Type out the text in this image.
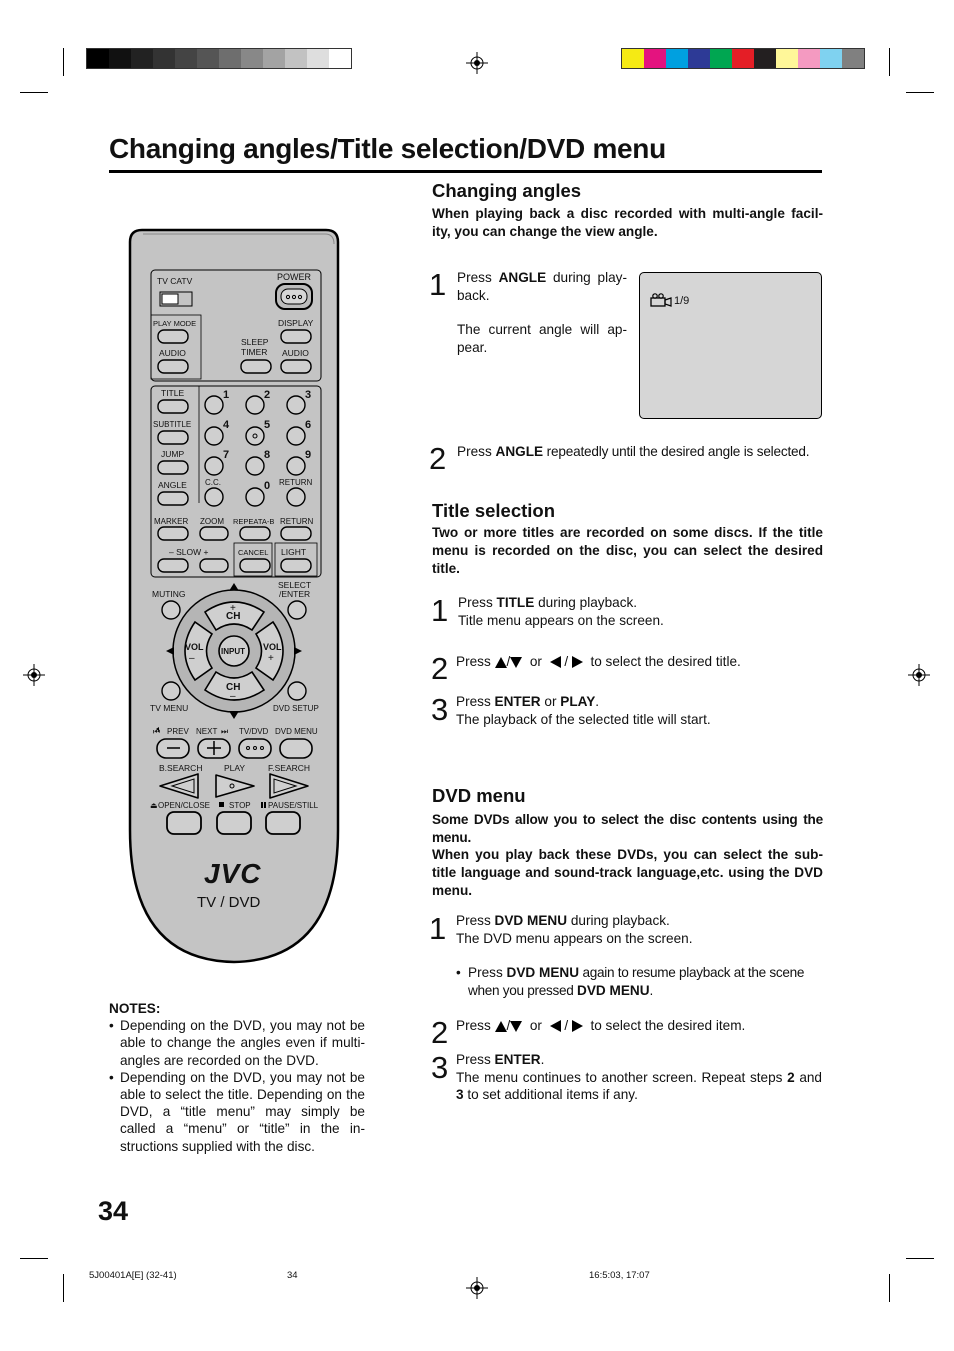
Changing angles/Title selection/DVD menu
TV CATV	POWER
PLAY MODE	DISPLAY
AUDIO
SLEEP
TIMER AUDIO
TITLE
SUBTITLE
JUMP
ANGLE C.C.	RETURN
1	2	3
4	5	6
7	8	9
0
MARKER ZOOM REPEATA-B RETURN
– SLOW +	CANCEL LIGHT
SELECT
/ENTER
MUTING
CH
+
CH
–
VOL
–
VOL
+
INPUT
TV MENU	DVD SETUP
PREV
⏮	NEXT ⏭ TV/DVD DVD MENU
B.SEARCH	PLAY	F.SEARCH
⏏ OPEN/CLOSE STOP PAUSE/STILL
JVC
TV / DVD
Changing angles
When playing back a disc recorded with multi-angle facil- ity, you can change the view angle.
1 Press ANGLE during play- back.
The current angle will ap- pear.
1/9
2 Press ANGLE repeatedly until the desired angle is selected.
Title selection
Two or more titles are recorded on some discs. If the title menu is recorded on the disc, you can select the desired title.
1 Press TITLE during playback.
Title menu appears on the screen.
2 Press / or / to select the desired title.
3 Press ENTER or PLAY.
The playback of the selected title will start.
DVD menu
Some DVDs allow you to select the disc contents using the menu.
When you play back these DVDs, you can select the sub- title language and sound-track language,etc. using the DVD menu.
1 Press DVD MENU during playback.
The DVD menu appears on the screen.
• Press DVD MENU again to resume playback at the scene when you pressed DVD MENU.
2 Press / or / to select the desired item.
3 Press ENTER.
The menu continues to another screen. Repeat steps 2 and 3 to set additional items if any.
NOTES:
• Depending on the DVD, you may not be able to change the angles even if multi-angles are recorded on the DVD.
• Depending on the DVD, you may not be able to select the title. Depending on the DVD, a “title menu” may simply be called a “menu” or “title” in the in- structions supplied with the disc.
34
5J00401A[E] (32-41)	34	16:5:03, 17:07
